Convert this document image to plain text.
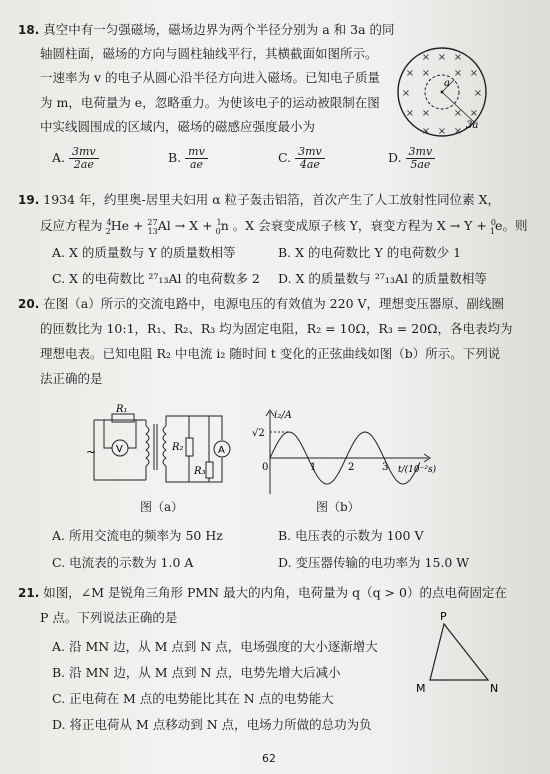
18. 真空中有一匀强磁场，磁场边界为两个半径分别为 a 和 3a 的同
轴圆柱面，磁场的方向与圆柱轴线平行，其横截面如图所示。
一速率为 v 的电子从圆心沿半径方向进入磁场。已知电子质量
为 m，电荷量为 e，忽略重力。为使该电子的运动被限制在图
中实线圆围成的区域内，磁场的磁感应强度最小为
A. $\frac{3mv}{2ae}$	B. $\frac{mv}{ae}$	C. $\frac{3mv}{4ae}$	D. $\frac{3mv}{5ae}$
× × ×
× × × ×
×	×
× × × ×
× × ×
a
3a
19. 1934 年，约里奥-居里夫妇用 α 粒子轰击铝箔，首次产生了人工放射性同位素 X，
反应方程为 $^4_2$He + $^{27}_{13}$Al → X + $^1_0$n 。X 会衰变成原子核 Y，衰变方程为 X → Y + $^0_1$e。则
A. X 的质量数与 Y 的质量数相等	B. X 的电荷数比 Y 的电荷数少 1
C. X 的电荷数比 ²⁷₁₃Al 的电荷数多 2 D. X 的质量数与 ²⁷₁₃Al 的质量数相等
20. 在图（a）所示的交流电路中，电源电压的有效值为 220 V，理想变压器原、副线圈
的匝数比为 10:1，R₁、R₂、R₃ 均为固定电阻，R₂ = 10Ω，R₃ = 20Ω，各电表均为
理想电表。已知电阻 R₂ 中电流 i₂ 随时间 t 变化的正弦曲线如图（b）所示。下列说
法正确的是
~
R₁
R₂
R₃
V	A
图（a）
i₂/A
√2
0	1	2	3 t/(10⁻²s)
图（b）
A. 所用交流电的频率为 50 Hz	B. 电压表的示数为 100 V
C. 电流表的示数为 1.0 A	D. 变压器传输的电功率为 15.0 W
21. 如图，∠M 是锐角三角形 PMN 最大的内角，电荷量为 q（q > 0）的点电荷固定在
P 点。下列说法正确的是
A. 沿 MN 边，从 M 点到 N 点，电场强度的大小逐渐增大
B. 沿 MN 边，从 M 点到 N 点，电势先增大后减小
C. 正电荷在 M 点的电势能比其在 N 点的电势能大
D. 将正电荷从 M 点移动到 N 点，电场力所做的总功为负
P
M	N
62
